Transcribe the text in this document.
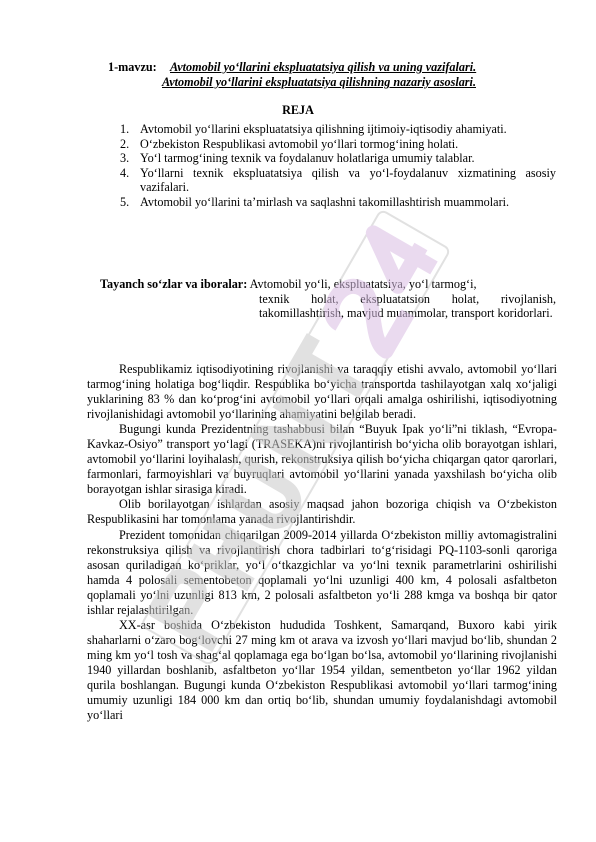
1-mavzu: Avtomobil yo‘llarini ekspluatatsiya qilish va uning vazifalari.
Avtomobil yo‘llarini ekspluatatsiya qilishning nazariy asoslari.
REJA
1. Avtomobil yo‘llarini ekspluatatsiya qilishning ijtimoiy-iqtisodiy ahamiyati.
2. O‘zbekiston Respublikasi avtomobil yo‘llari tormog‘ining holati.
3. Yo‘l tarmog‘ining texnik va foydalanuv holatlariga umumiy talablar.
4. Yo‘llarni texnik ekspluatatsiya qilish va yo‘l-foydalanuv xizmatining asosiy vazifalari.
5. Avtomobil yo‘llarini ta’mirlash va saqlashni takomillashtirish muammolari.
Tayanch so‘zlar va iboralar: Avtomobil yo‘li, ekspluatatsiya, yo‘l tarmog‘i,
texnik holat, ekspluatatsion holat, rivojlanish, takomillashtirish, mavjud muammolar, transport koridorlari.

Respublikamiz iqtisodiyotining rivojlanishi va taraqqiy etishi avvalo, avtomobil yo‘llari tarmog‘ining holatiga bog‘liqdir. Respublika bo‘yicha transportda tashilayotgan xalq xo‘jaligi yuklarining 83 % dan ko‘prog‘ini avtomobil yo‘llari orqali amalga oshirilishi, iqtisodiyotning rivojlanishidagi avtomobil yo‘llarining ahamiyatini belgilab beradi.

Bugungi kunda Prezidentning tashabbusi bilan “Buyuk Ipak yo‘li”ni tiklash, “Evropa-Kavkaz-Osiyo” transport yo‘lagi (TRASEKA)ni rivojlantirish bo‘yicha olib borayotgan ishlari, avtomobil yo‘llarini loyihalash, qurish, rekonstruksiya qilish bo‘yicha chiqargan qator qarorlari, farmonlari, farmoyishlari va buyruqlari avtomobil yo‘llarini yanada yaxshilash bo‘yicha olib borayotgan ishlar sirasiga kiradi.

Olib borilayotgan ishlardan asosiy maqsad jahon bozoriga chiqish va O‘zbekiston Respublikasini har tomonlama yanada rivojlantirishdir.

Prezident tomonidan chiqarilgan 2009-2014 yillarda O‘zbekiston milliy avtomagistralini rekonstruksiya qilish va rivojlantirish chora tadbirlari to‘g‘risidagi PQ-1103-sonli qaroriga asosan quriladigan ko‘priklar, yo‘l o‘tkazgichlar va yo‘lni texnik parametrlarini oshirilishi hamda 4 polosali sementobeton qoplamali yo‘lni uzunligi 400 km, 4 polosali asfaltbeton qoplamali yo‘lni uzunligi 813 km, 2 polosali asfaltbeton yo‘li 288 kmga va boshqa bir qator ishlar rejalashtirilgan.

XX-asr boshida O‘zbekiston hududida Toshkent, Samarqand, Buxoro kabi yirik shaharlarni o‘zaro bog‘lovchi 27 ming km ot arava va izvosh yo‘llari mavjud bo‘lib, shundan 2 ming km yo‘l tosh va shag‘al qoplamaga ega bo‘lgan bo‘lsa, avtomobil yo‘llarining rivojlanishi 1940 yillardan boshlanib, asfaltbeton yo‘llar 1954 yildan, sementbeton yo‘llar 1962 yildan qurila boshlangan. Bugungi kunda O‘zbekiston Respublikasi avtomobil yo‘llari tarmog‘ining umumiy uzunligi 184 000 km dan ortiq bo‘lib, shundan umumiy foydalanishdagi avtomobil yo‘llari
